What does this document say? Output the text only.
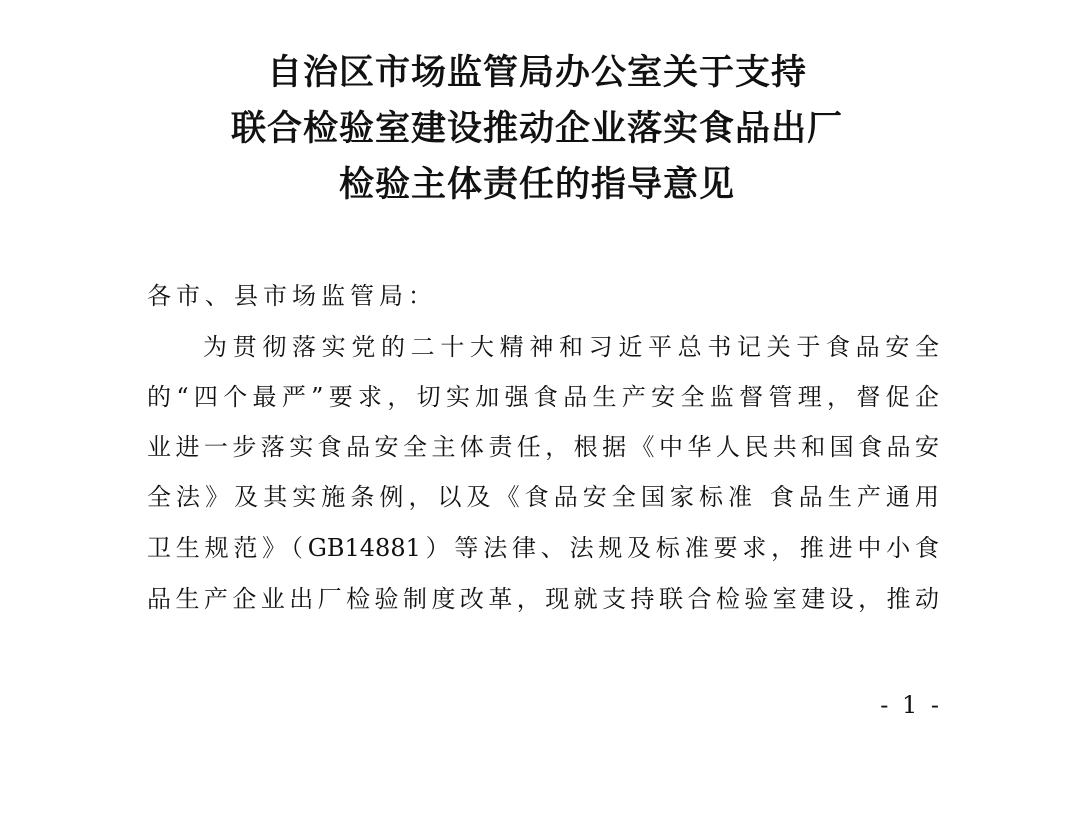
自治区市场监管局办公室关于支持
联合检验室建设推动企业落实食品出厂
检验主体责任的指导意见
各市、县市场监管局：
为贯彻落实党的二十大精神和习近平总书记关于食品安全
的“四个最严”要求，切实加强食品生产安全监督管理，督促企
业进一步落实食品安全主体责任，根据《中华人民共和国食品安
全法》及其实施条例，以及《食品安全国家标准 食品生产通用
卫生规范》（GB14881）等法律、法规及标准要求，推进中小食
品生产企业出厂检验制度改革，现就支持联合检验室建设，推动
- 1 -
